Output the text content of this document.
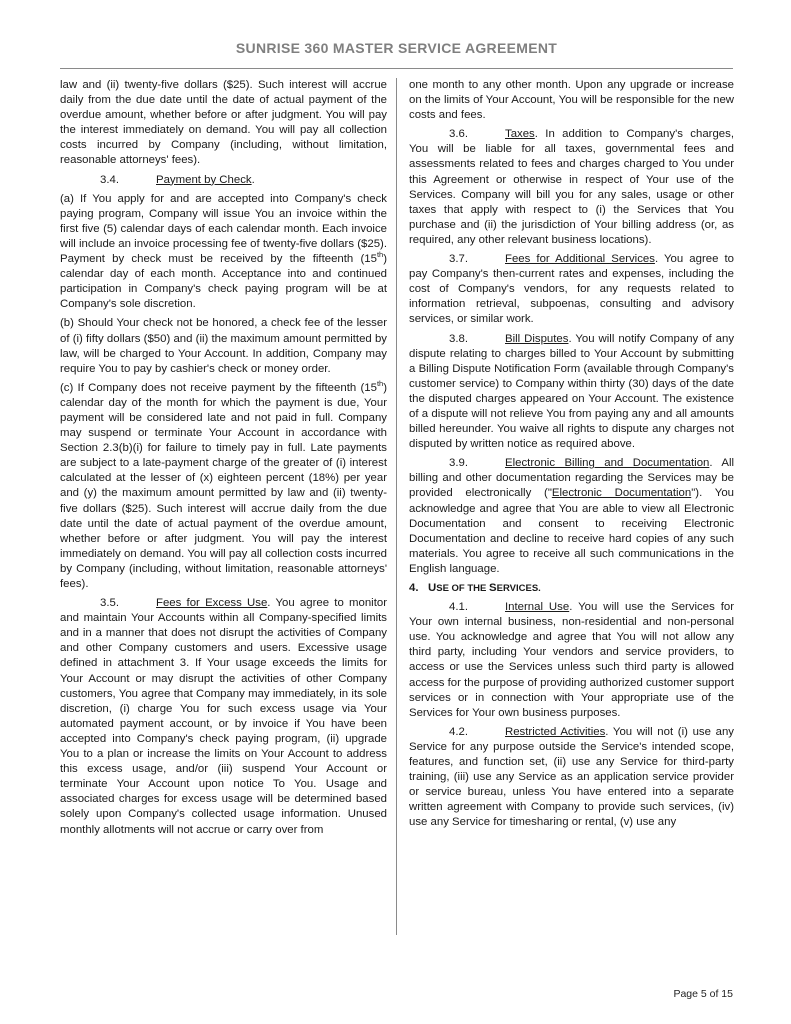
SUNRISE 360 MASTER SERVICE AGREEMENT

law and (ii) twenty-five dollars ($25). Such interest will accrue daily from the due date until the date of actual payment of the overdue amount, whether before or after judgment. You will pay the interest immediately on demand. You will pay all collection costs incurred by Company (including, without limitation, reasonable attorneys' fees).

3.4.	Payment by Check.

(a) If You apply for and are accepted into Company's check paying program, Company will issue You an invoice within the first five (5) calendar days of each calendar month. Each invoice will include an invoice processing fee of twenty-five dollars ($25). Payment by check must be received by the fifteenth (15th) calendar day of each month. Acceptance into and continued participation in Company's check paying program will be at Company's sole discretion.

(b) Should Your check not be honored, a check fee of the lesser of (i) fifty dollars ($50) and (ii) the maximum amount permitted by law, will be charged to Your Account. In addition, Company may require You to pay by cashier's check or money order.

(c) If Company does not receive payment by the fifteenth (15th) calendar day of the month for which the payment is due, Your payment will be considered late and not paid in full. Company may suspend or terminate Your Account in accordance with Section 2.3(b)(i) for failure to timely pay in full. Late payments are subject to a late-payment charge of the greater of (i) interest calculated at the lesser of (x) eighteen percent (18%) per year and (y) the maximum amount permitted by law and (ii) twenty-five dollars ($25). Such interest will accrue daily from the due date until the date of actual payment of the overdue amount, whether before or after judgment. You will pay the interest immediately on demand. You will pay all collection costs incurred by Company (including, without limitation, reasonable attorneys' fees).

3.5.	Fees for Excess Use. You agree to monitor and maintain Your Accounts within all Company-specified limits and in a manner that does not disrupt the activities of Company and other Company customers and users. Excessive usage defined in attachment 3. If Your usage exceeds the limits for Your Account or may disrupt the activities of other Company customers, You agree that Company may immediately, in its sole discretion, (i) charge You for such excess usage via Your automated payment account, or by invoice if You have been accepted into Company's check paying program, (ii) upgrade You to a plan or increase the limits on Your Account to address this excess usage, and/or (iii) suspend Your Account or terminate Your Account upon notice To You. Usage and associated charges for excess usage will be determined based solely upon Company's collected usage information. Unused monthly allotments will not accrue or carry over from

one month to any other month. Upon any upgrade or increase on the limits of Your Account, You will be responsible for the new costs and fees.

3.6.	Taxes. In addition to Company's charges, You will be liable for all taxes, governmental fees and assessments related to fees and charges charged to You under this Agreement or otherwise in respect of Your use of the Services. Company will bill you for any sales, usage or other taxes that apply with respect to (i) the Services that You purchase and (ii) the jurisdiction of Your billing address (or, as required, any other relevant business locations).

3.7.	Fees for Additional Services. You agree to pay Company's then-current rates and expenses, including the cost of Company's vendors, for any requests related to information retrieval, subpoenas, consulting and advisory services, or similar work.

3.8.	Bill Disputes. You will notify Company of any dispute relating to charges billed to Your Account by submitting a Billing Dispute Notification Form (available through Company's customer service) to Company within thirty (30) days of the date the disputed charges appeared on Your Account. The existence of a dispute will not relieve You from paying any and all amounts billed hereunder. You waive all rights to dispute any charges not disputed by written notice as required above.

3.9.	Electronic Billing and Documentation. All billing and other documentation regarding the Services may be provided electronically ("Electronic Documentation"). You acknowledge and agree that You are able to view all Electronic Documentation and consent to receiving Electronic Documentation and decline to receive hard copies of any such materials. You agree to receive all such communications in the English language.

4. USE OF THE SERVICES.

4.1.	Internal Use. You will use the Services for Your own internal business, non-residential and non-personal use. You acknowledge and agree that You will not allow any third party, including Your vendors and service providers, to access or use the Services unless such third party is allowed access for the purpose of providing authorized customer support services or in connection with Your appropriate use of the Services for Your own business purposes.

4.2.	Restricted Activities. You will not (i) use any Service for any purpose outside the Service's intended scope, features, and function set, (ii) use any Service for third-party training, (iii) use any Service as an application service provider or service bureau, unless You have entered into a separate written agreement with Company to provide such services, (iv) use any Service for timesharing or rental, (v) use any

Page 5 of 15
